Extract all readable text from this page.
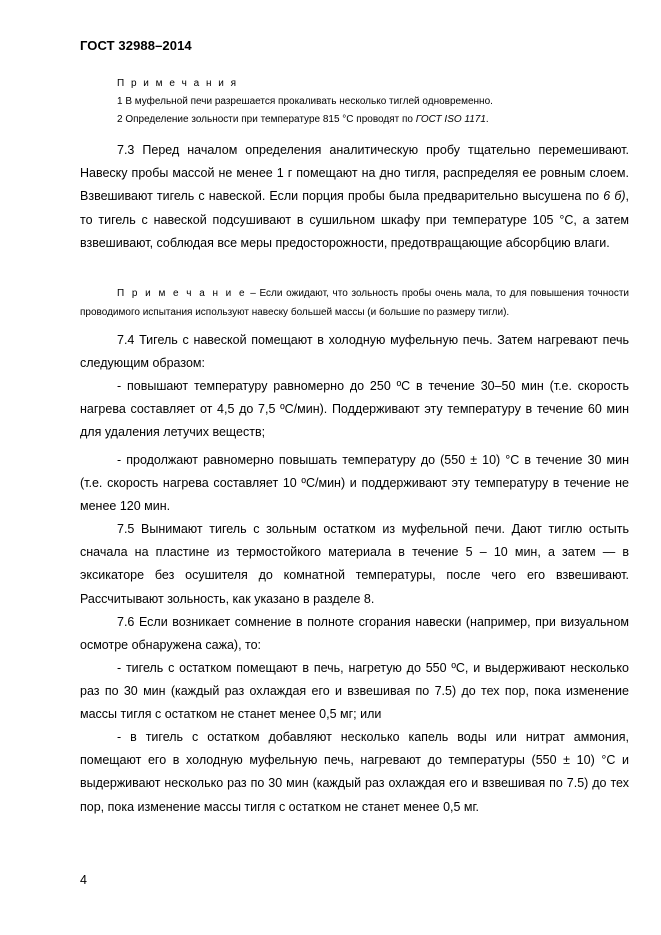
ГОСТ 32988–2014
П р и м е ч а н и я
1 В муфельной печи разрешается прокаливать несколько тиглей одновременно.
2 Определение зольности при температуре 815 °С проводят по ГОСТ ISO 1171.
7.3 Перед началом определения аналитическую пробу тщательно перемешивают. Навеску пробы массой не менее 1 г помещают на дно тигля, распределяя ее ровным слоем. Взвешивают тигель с навеской. Если порция пробы была предварительно высушена по 6 б), то тигель с навеской подсушивают в сушильном шкафу при температуре 105 °С, а затем взвешивают, соблюдая все меры предосторожности, предотвращающие абсорбцию влаги.
П р и м е ч а н и е – Если ожидают, что зольность пробы очень мала, то для повышения точности проводимого испытания используют навеску большей массы (и большие по размеру тигли).
7.4 Тигель с навеской помещают в холодную муфельную печь. Затем нагревают печь следующим образом:
- повышают температуру равномерно до 250 ºС в течение 30–50 мин (т.е. скорость нагрева составляет от 4,5 до 7,5 ºС/мин). Поддерживают эту температуру в течение 60 мин для удаления летучих веществ;
- продолжают равномерно повышать температуру до (550 ± 10) °С в течение 30 мин (т.е. скорость нагрева составляет 10 ºС/мин) и поддерживают эту температуру в течение не менее 120 мин.
7.5 Вынимают тигель с зольным остатком из муфельной печи. Дают тиглю остыть сначала на пластине из термостойкого материала в течение 5 – 10 мин, а затем — в эксикаторе без осушителя до комнатной температуры, после чего его взвешивают. Рассчитывают зольность, как указано в разделе 8.
7.6 Если возникает сомнение в полноте сгорания навески (например, при визуальном осмотре обнаружена сажа), то:
- тигель с остатком помещают в печь, нагретую до 550 ºС, и выдерживают несколько раз по 30 мин (каждый раз охлаждая его и взвешивая по 7.5) до тех пор, пока изменение массы тигля с остатком не станет менее 0,5 мг; или
- в тигель с остатком добавляют несколько капель воды или нитрат аммония, помещают его в холодную муфельную печь, нагревают до температуры (550 ± 10) °С и выдерживают несколько раз по 30 мин (каждый раз охлаждая его и взвешивая по 7.5) до тех пор, пока изменение массы тигля с остатком не станет менее 0,5 мг.
4
